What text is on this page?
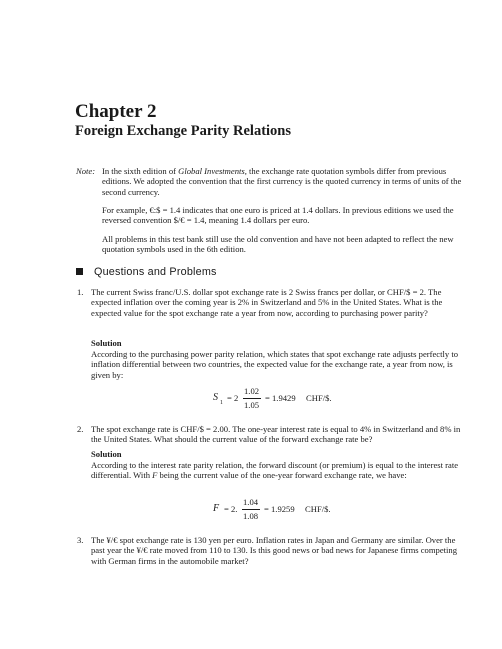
Chapter 2
Foreign Exchange Parity Relations
Note: In the sixth edition of Global Investments, the exchange rate quotation symbols differ from previous editions. We adopted the convention that the first currency is the quoted currency in terms of units of the second currency.
For example, €:$ = 1.4 indicates that one euro is priced at 1.4 dollars. In previous editions we used the reversed convention $/€ = 1.4, meaning 1.4 dollars per euro.
All problems in this test bank still use the old convention and have not been adapted to reflect the new quotation symbols used in the 6th edition.
Questions and Problems
1. The current Swiss franc/U.S. dollar spot exchange rate is 2 Swiss francs per dollar, or CHF/$ = 2. The expected inflation over the coming year is 2% in Switzerland and 5% in the United States. What is the expected value for the spot exchange rate a year from now, according to purchasing power parity?
Solution
According to the purchasing power parity relation, which states that spot exchange rate adjusts perfectly to inflation differential between two countries, the expected value for the exchange rate, a year from now, is given by:
S 1 = 2
1.02
1.05
= 1.9429 CHF/$.
2. The spot exchange rate is CHF/$ = 2.00. The one-year interest rate is equal to 4% in Switzerland and 8% in the United States. What should the current value of the forward exchange rate be?
Solution
According to the interest rate parity relation, the forward discount (or premium) is equal to the interest rate differential. With F being the current value of the one-year forward exchange rate, we have:
F = 2.
1.04
1.08
= 1.9259 CHF/$.
3. The ¥/€ spot exchange rate is 130 yen per euro. Inflation rates in Japan and Germany are similar. Over the past year the ¥/€ rate moved from 110 to 130. Is this good news or bad news for Japanese firms competing with German firms in the automobile market?
